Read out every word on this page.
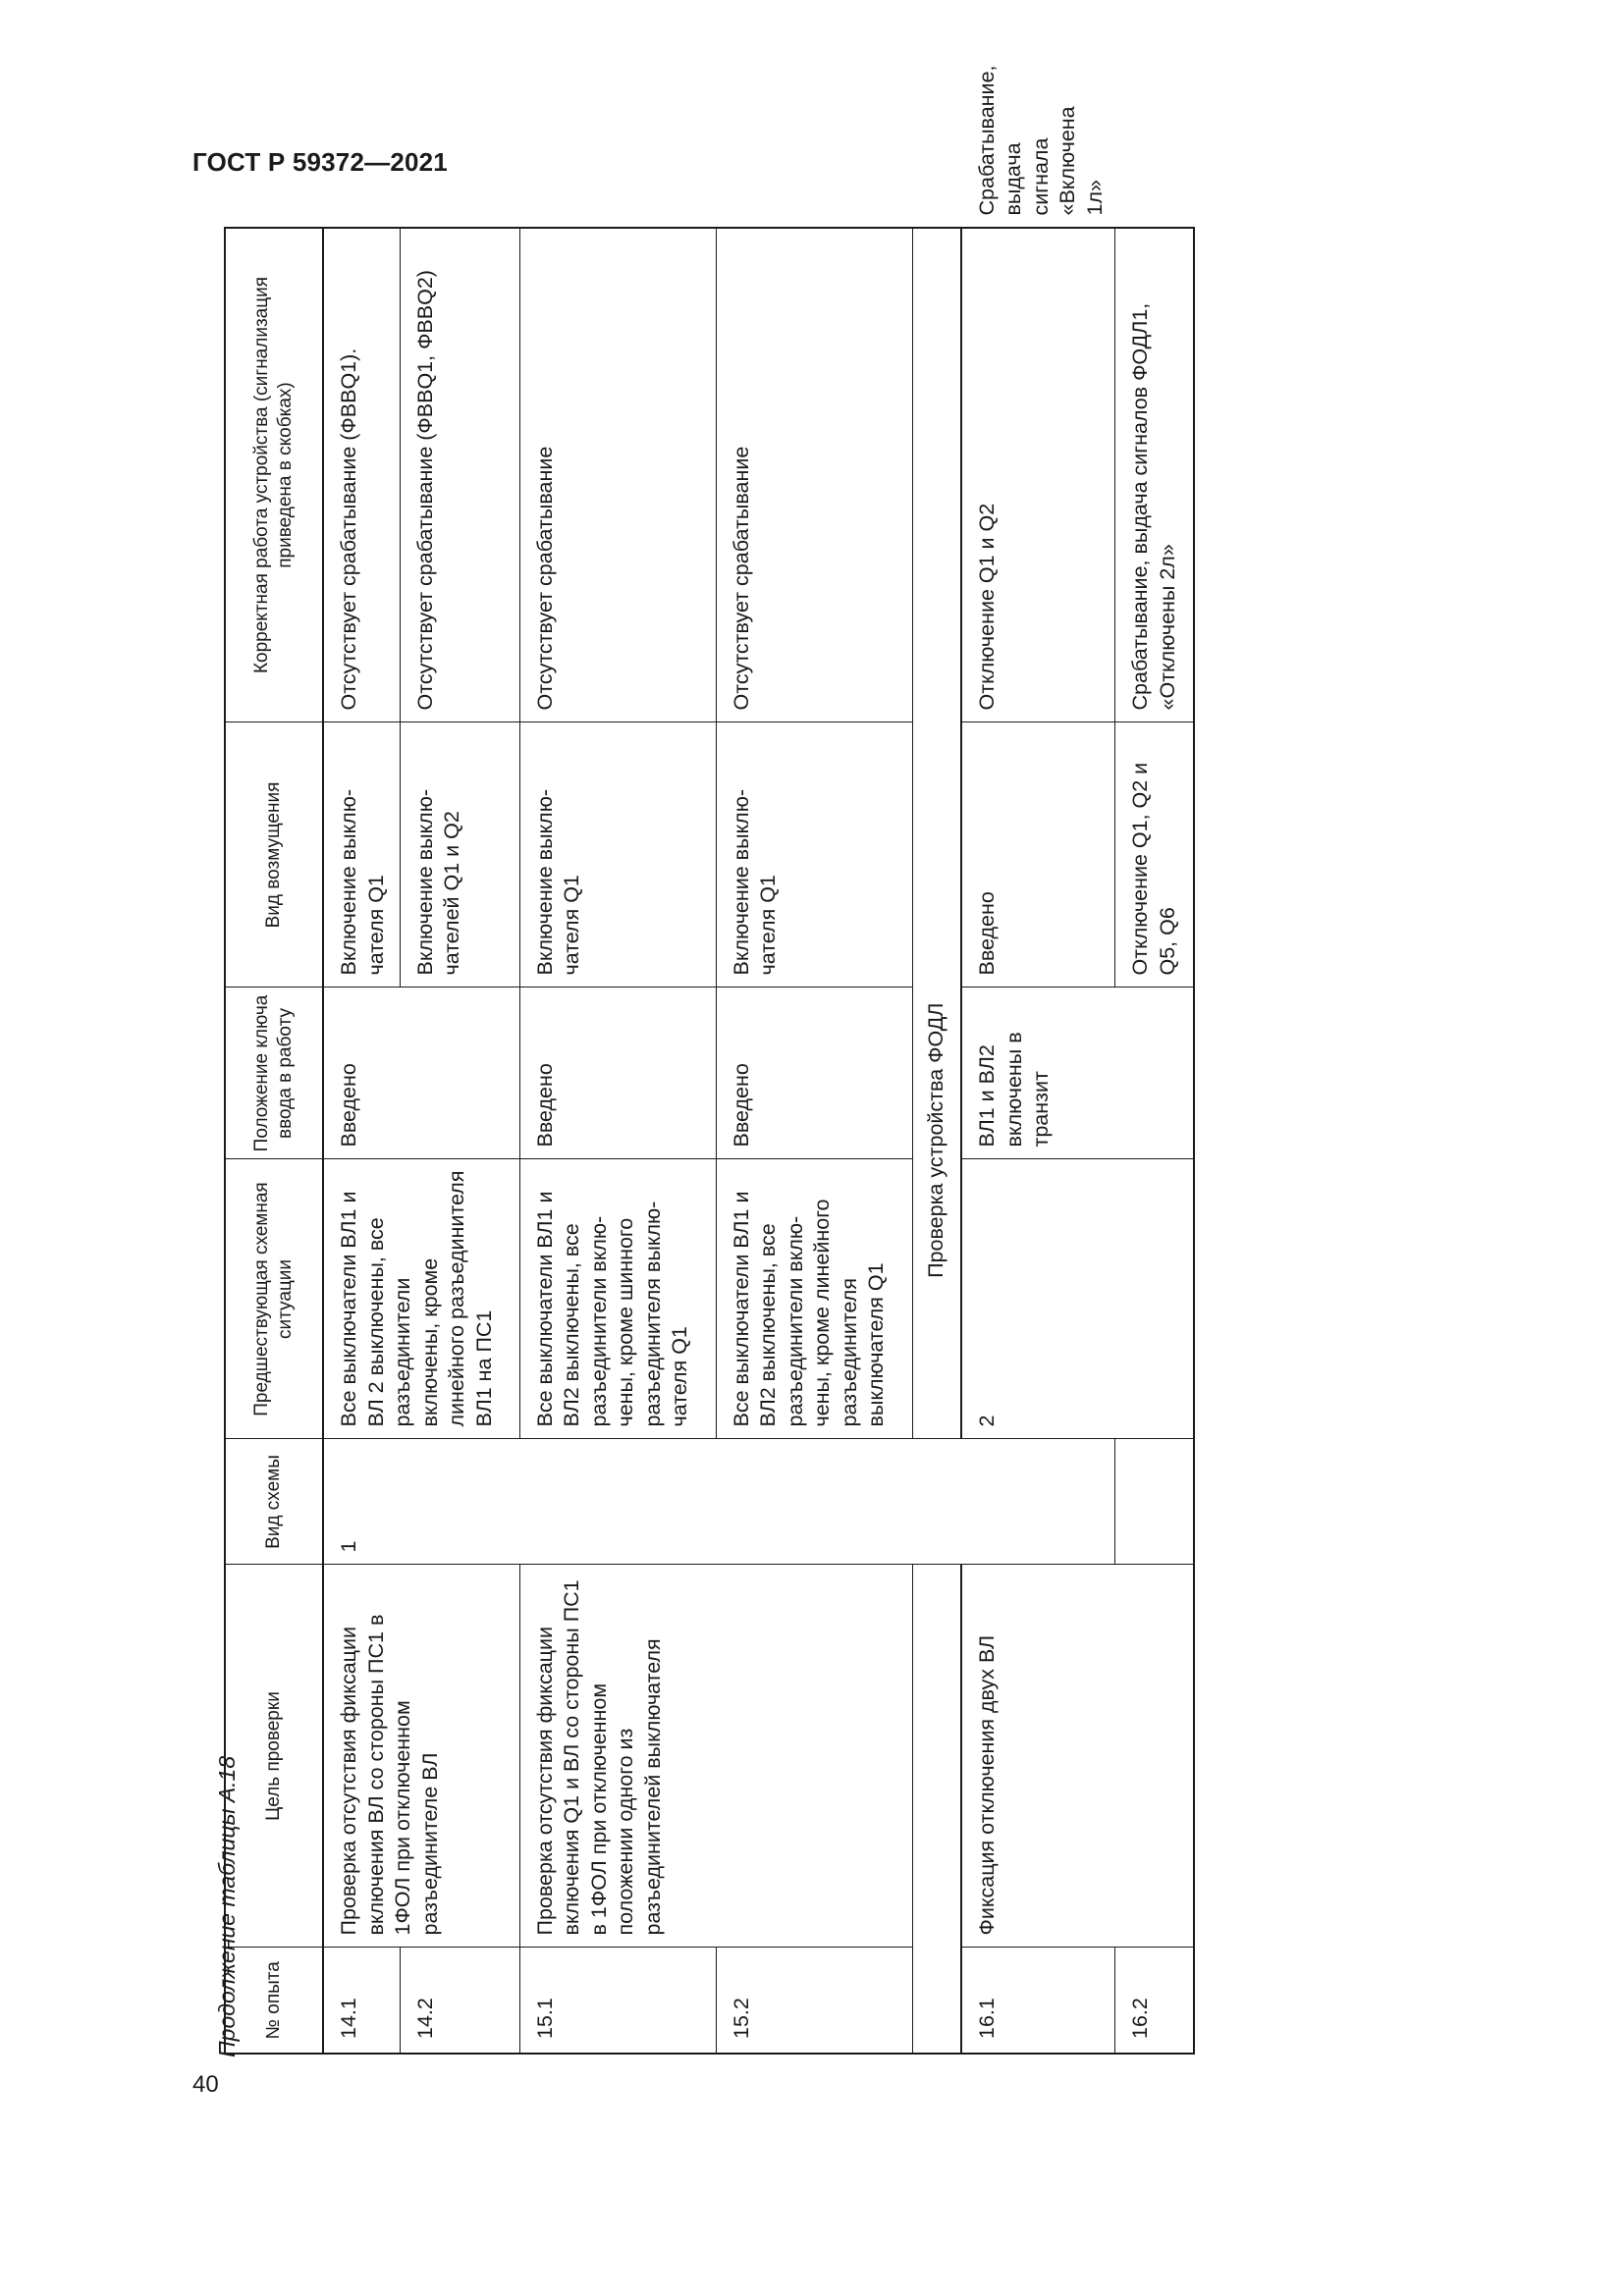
ГОСТ Р 59372—2021
40
Продолжение таблицы А.18 № опыта	Цель проверки	Вид схемы	Предшествующая схемная ситуации	Положение ключа ввода в работу	Вид возмущения	Корректная работа устройства (сигнализация приведена в скобках)	
14.1	Проверка отсутствия фиксации включения ВЛ со стороны ПС1 в 1ФОЛ при отключенном разъединителе ВЛ	1	Все выключатели ВЛ1 и ВЛ 2 выключены, все разъединители включены, кроме линейного разъединителя ВЛ1 на ПС1	Введено	Включение выключателя Q1	Отсутствует срабатывание (ФВВQ1).	
14.2					Включение выключателей Q1 и Q2	Отсутствует срабатывание (ФВВQ1, ФВВQ2)	
15.1	Проверка отсутствия фиксации включения Q1 и ВЛ со стороны ПС1 в 1ФОЛ при отключенном положении одного из разъединителей выключателя		Все выключатели ВЛ1 и ВЛ2 выключены, все разъединители включены, кроме шинного разъединителя выключателя Q1	Введено	Включение выключателя Q1	Отсутствует срабатывание	
15.2			Все выключатели ВЛ1 и ВЛ2 выключены, все разъединители включены, кроме линейного разъединителя выключателя Q1	Введено	Включение выключателя Q1	Отсутствует срабатывание	
Проверка устройства ФОДЛ							
16.1	Фиксация отключения двух ВЛ		2	ВЛ1 и ВЛ2 включены в транзит	Введено	Отключение Q1 и Q2	Срабатывание, выдача сигнала «Включена 1л»
16.2					Отключение Q1, Q2 и Q5, Q6	Срабатывание, выдача сигналов ФОДЛ1, «Отключены 2л»	
